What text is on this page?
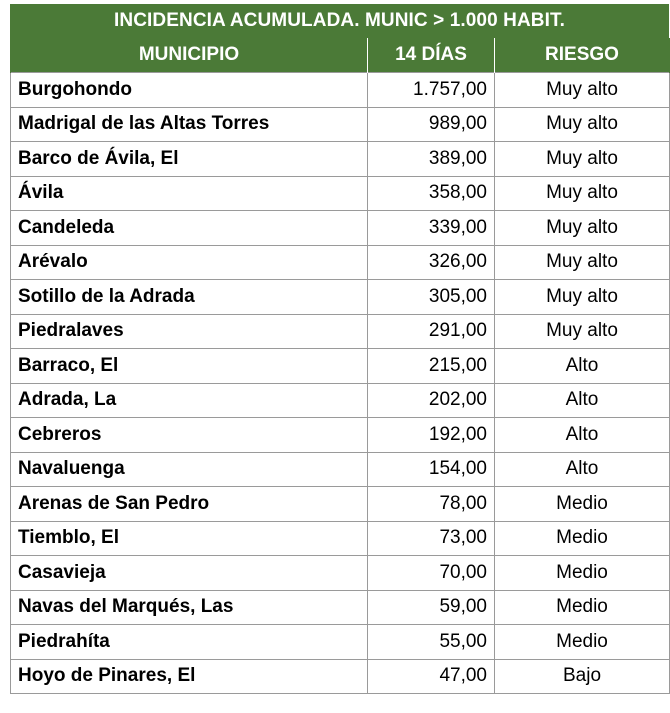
INCIDENCIA ACUMULADA. MUNIC > 1.000 HABIT.
MUNICIPIO	14 DÍAS	RIESGO
Burgohondo	1.757,00	Muy alto
Madrigal de las Altas Torres	989,00	Muy alto
Barco de Ávila, El	389,00	Muy alto
Ávila	358,00	Muy alto
Candeleda	339,00	Muy alto
Arévalo	326,00	Muy alto
Sotillo de la Adrada	305,00	Muy alto
Piedralaves	291,00	Muy alto
Barraco, El	215,00	Alto
Adrada, La	202,00	Alto
Cebreros	192,00	Alto
Navaluenga	154,00	Alto
Arenas de San Pedro	78,00	Medio
Tiemblo, El	73,00	Medio
Casavieja	70,00	Medio
Navas del Marqués, Las	59,00	Medio
Piedrahíta	55,00	Medio
Hoyo de Pinares, El	47,00	Bajo
